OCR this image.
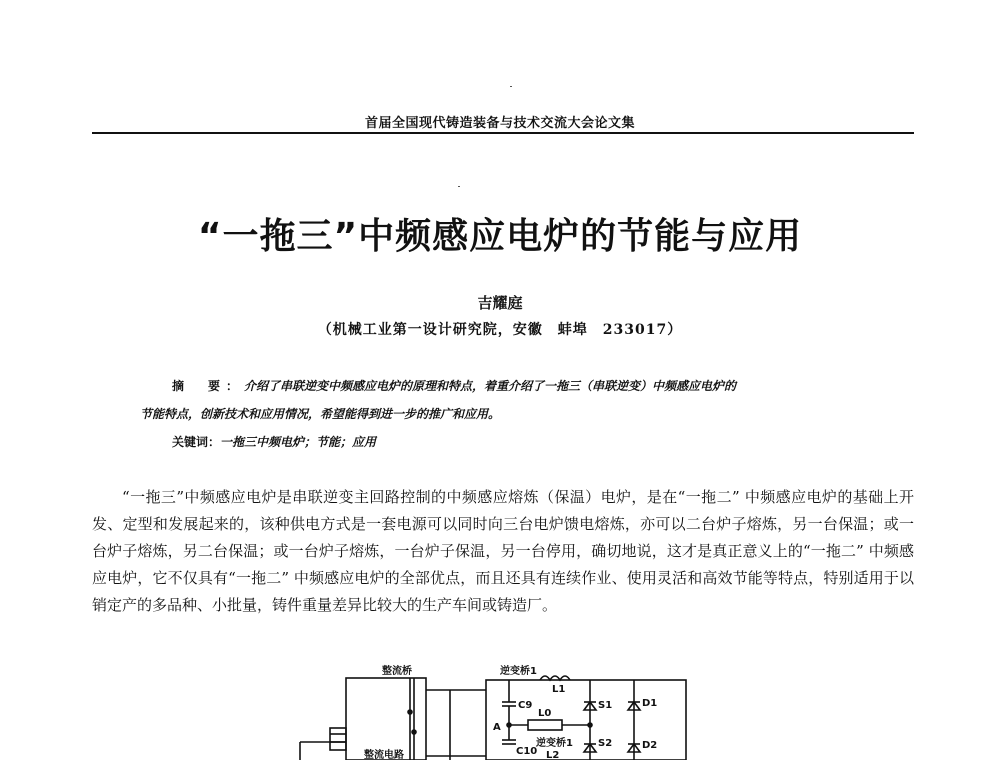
首届全国现代铸造装备与技术交流大会论文集
“一拖三”中频感应电炉的节能与应用
吉耀庭
（机械工业第一设计研究院，安徽　蚌埠　233017）
摘　要：介绍了串联逆变中频感应电炉的原理和特点，着重介绍了一拖三（串联逆变）中频感应电炉的
节能特点，创新技术和应用情况，希望能得到进一步的推广和应用。
关键词：一拖三中频电炉；节能；应用

“一拖三”中频感应电炉是串联逆变主回路控制的中频感应熔炼（保温）电炉，是在“一拖二” 中频感应电炉的基础上开发、定型和发展起来的，该种供电方式是一套电源可以同时向三台电炉馈电熔炼，亦可以二台炉子熔炼，另一台保温；或一台炉子熔炼，另二台保温；或一台炉子熔炼，一台炉子保温，另一台停用，确切地说，这才是真正意义上的“一拖二” 中频感应电炉，它不仅具有“一拖二” 中频感应电炉的全部优点，而且还具有连续作业、使用灵活和高效节能等特点，特别适用于以销定产的多品种、小批量，铸件重量差异比较大的生产车间或铸造厂。

整流桥	逆变桥1
L1
C9
L0
A
C10
逆变桥1
L2
S1
S2
D1
D2
整流电路
